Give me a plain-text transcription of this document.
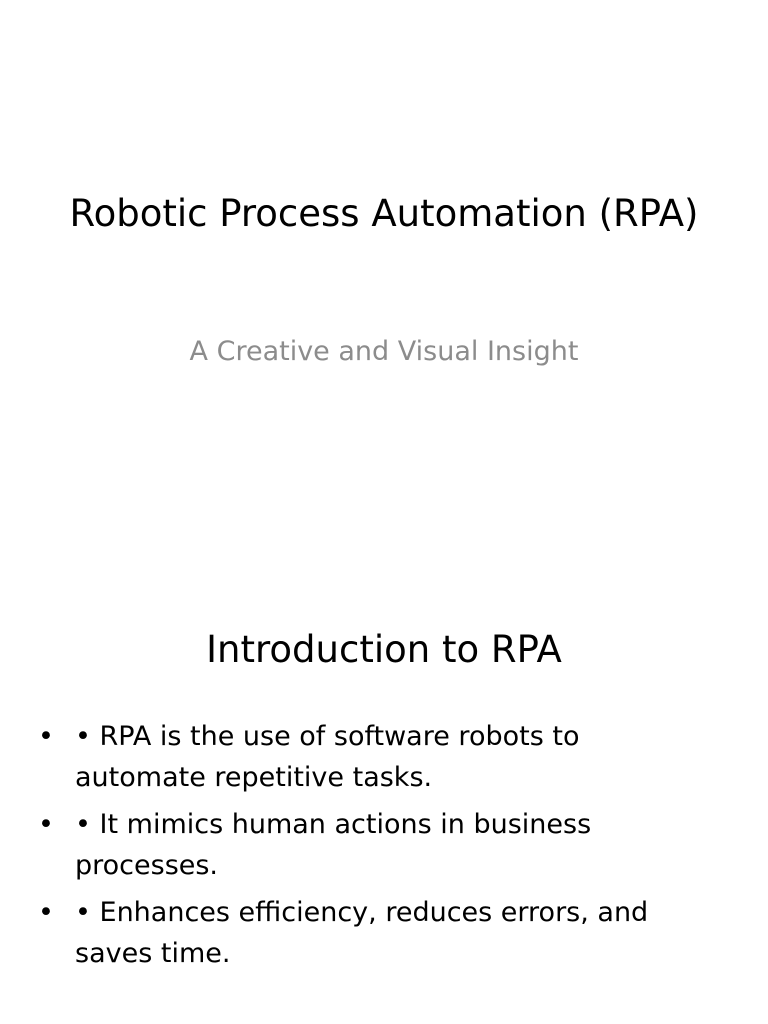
Robotic Process Automation (RPA)

A Creative and Visual Insight

Introduction to RPA
• • RPA is the use of software robots to automate repetitive tasks.
• • It mimics human actions in business processes.
• • Enhances efficiency, reduces errors, and saves time.
